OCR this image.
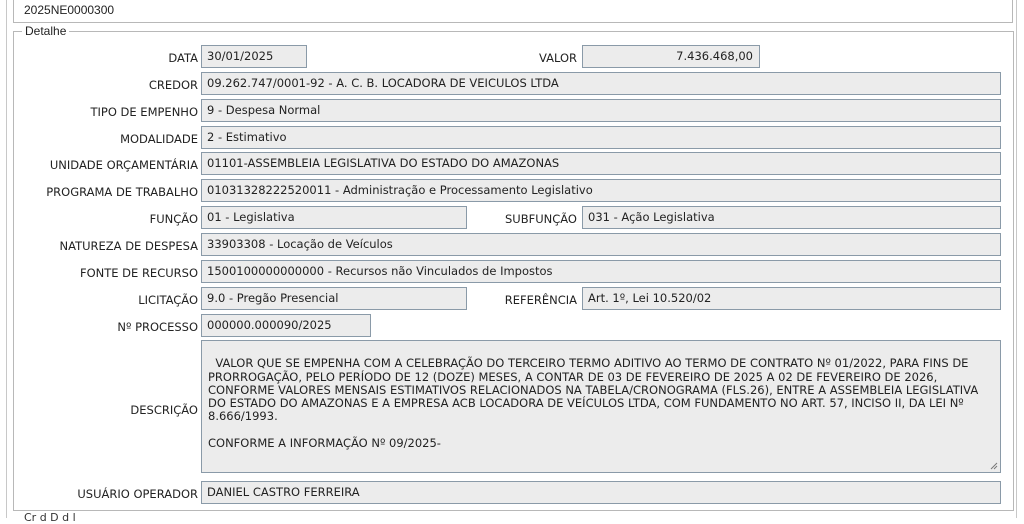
2025NE0000300
Detalhe
DATA 30/01/2025	VALOR	7.436.468,00
CREDOR 09.262.747/0001-92 - A. C. B. LOCADORA DE VEICULOS LTDA
TIPO DE EMPENHO 9 - Despesa Normal
MODALIDADE 2 - Estimativo
UNIDADE ORÇAMENTÁRIA 01101-ASSEMBLEIA LEGISLATIVA DO ESTADO DO AMAZONAS
PROGRAMA DE TRABALHO 01031328222520011 - Administração e Processamento Legislativo
FUNÇÃO 01 - Legislativa	SUBFUNÇÃO 031 - Ação Legislativa
NATUREZA DE DESPESA 33903308 - Locação de Veículos
FONTE DE RECURSO 1500100000000000 - Recursos não Vinculados de Impostos
LICITAÇÃO 9.0 - Pregão Presencial	REFERÊNCIA Art. 1º, Lei 10.520/02
Nº PROCESSO 000000.000090/2025
DESCRIÇÃO

VALOR QUE SE EMPENHA COM A CELEBRAÇÃO DO TERCEIRO TERMO ADITIVO AO TERMO DE CONTRATO Nº 01/2022, PARA FINS DE
PRORROGAÇÃO, PELO PERÍODO DE 12 (DOZE) MESES, A CONTAR DE 03 DE FEVEREIRO DE 2025 A 02 DE FEVEREIRO DE 2026,
CONFORME VALORES MENSAIS ESTIMATIVOS RELACIONADOS NA TABELA/CRONOGRAMA (FLS.26), ENTRE A ASSEMBLEIA LEGISLATIVA
DO ESTADO DO AMAZONAS E A EMPRESA ACB LOCADORA DE VEÍCULOS LTDA, COM FUNDAMENTO NO ART. 57, INCISO II, DA LEI Nº
8.666/1993.

CONFORME A INFORMAÇÃO Nº 09/2025-

USUÁRIO OPERADOR DANIEL CASTRO FERREIRA
Cr d D d l
